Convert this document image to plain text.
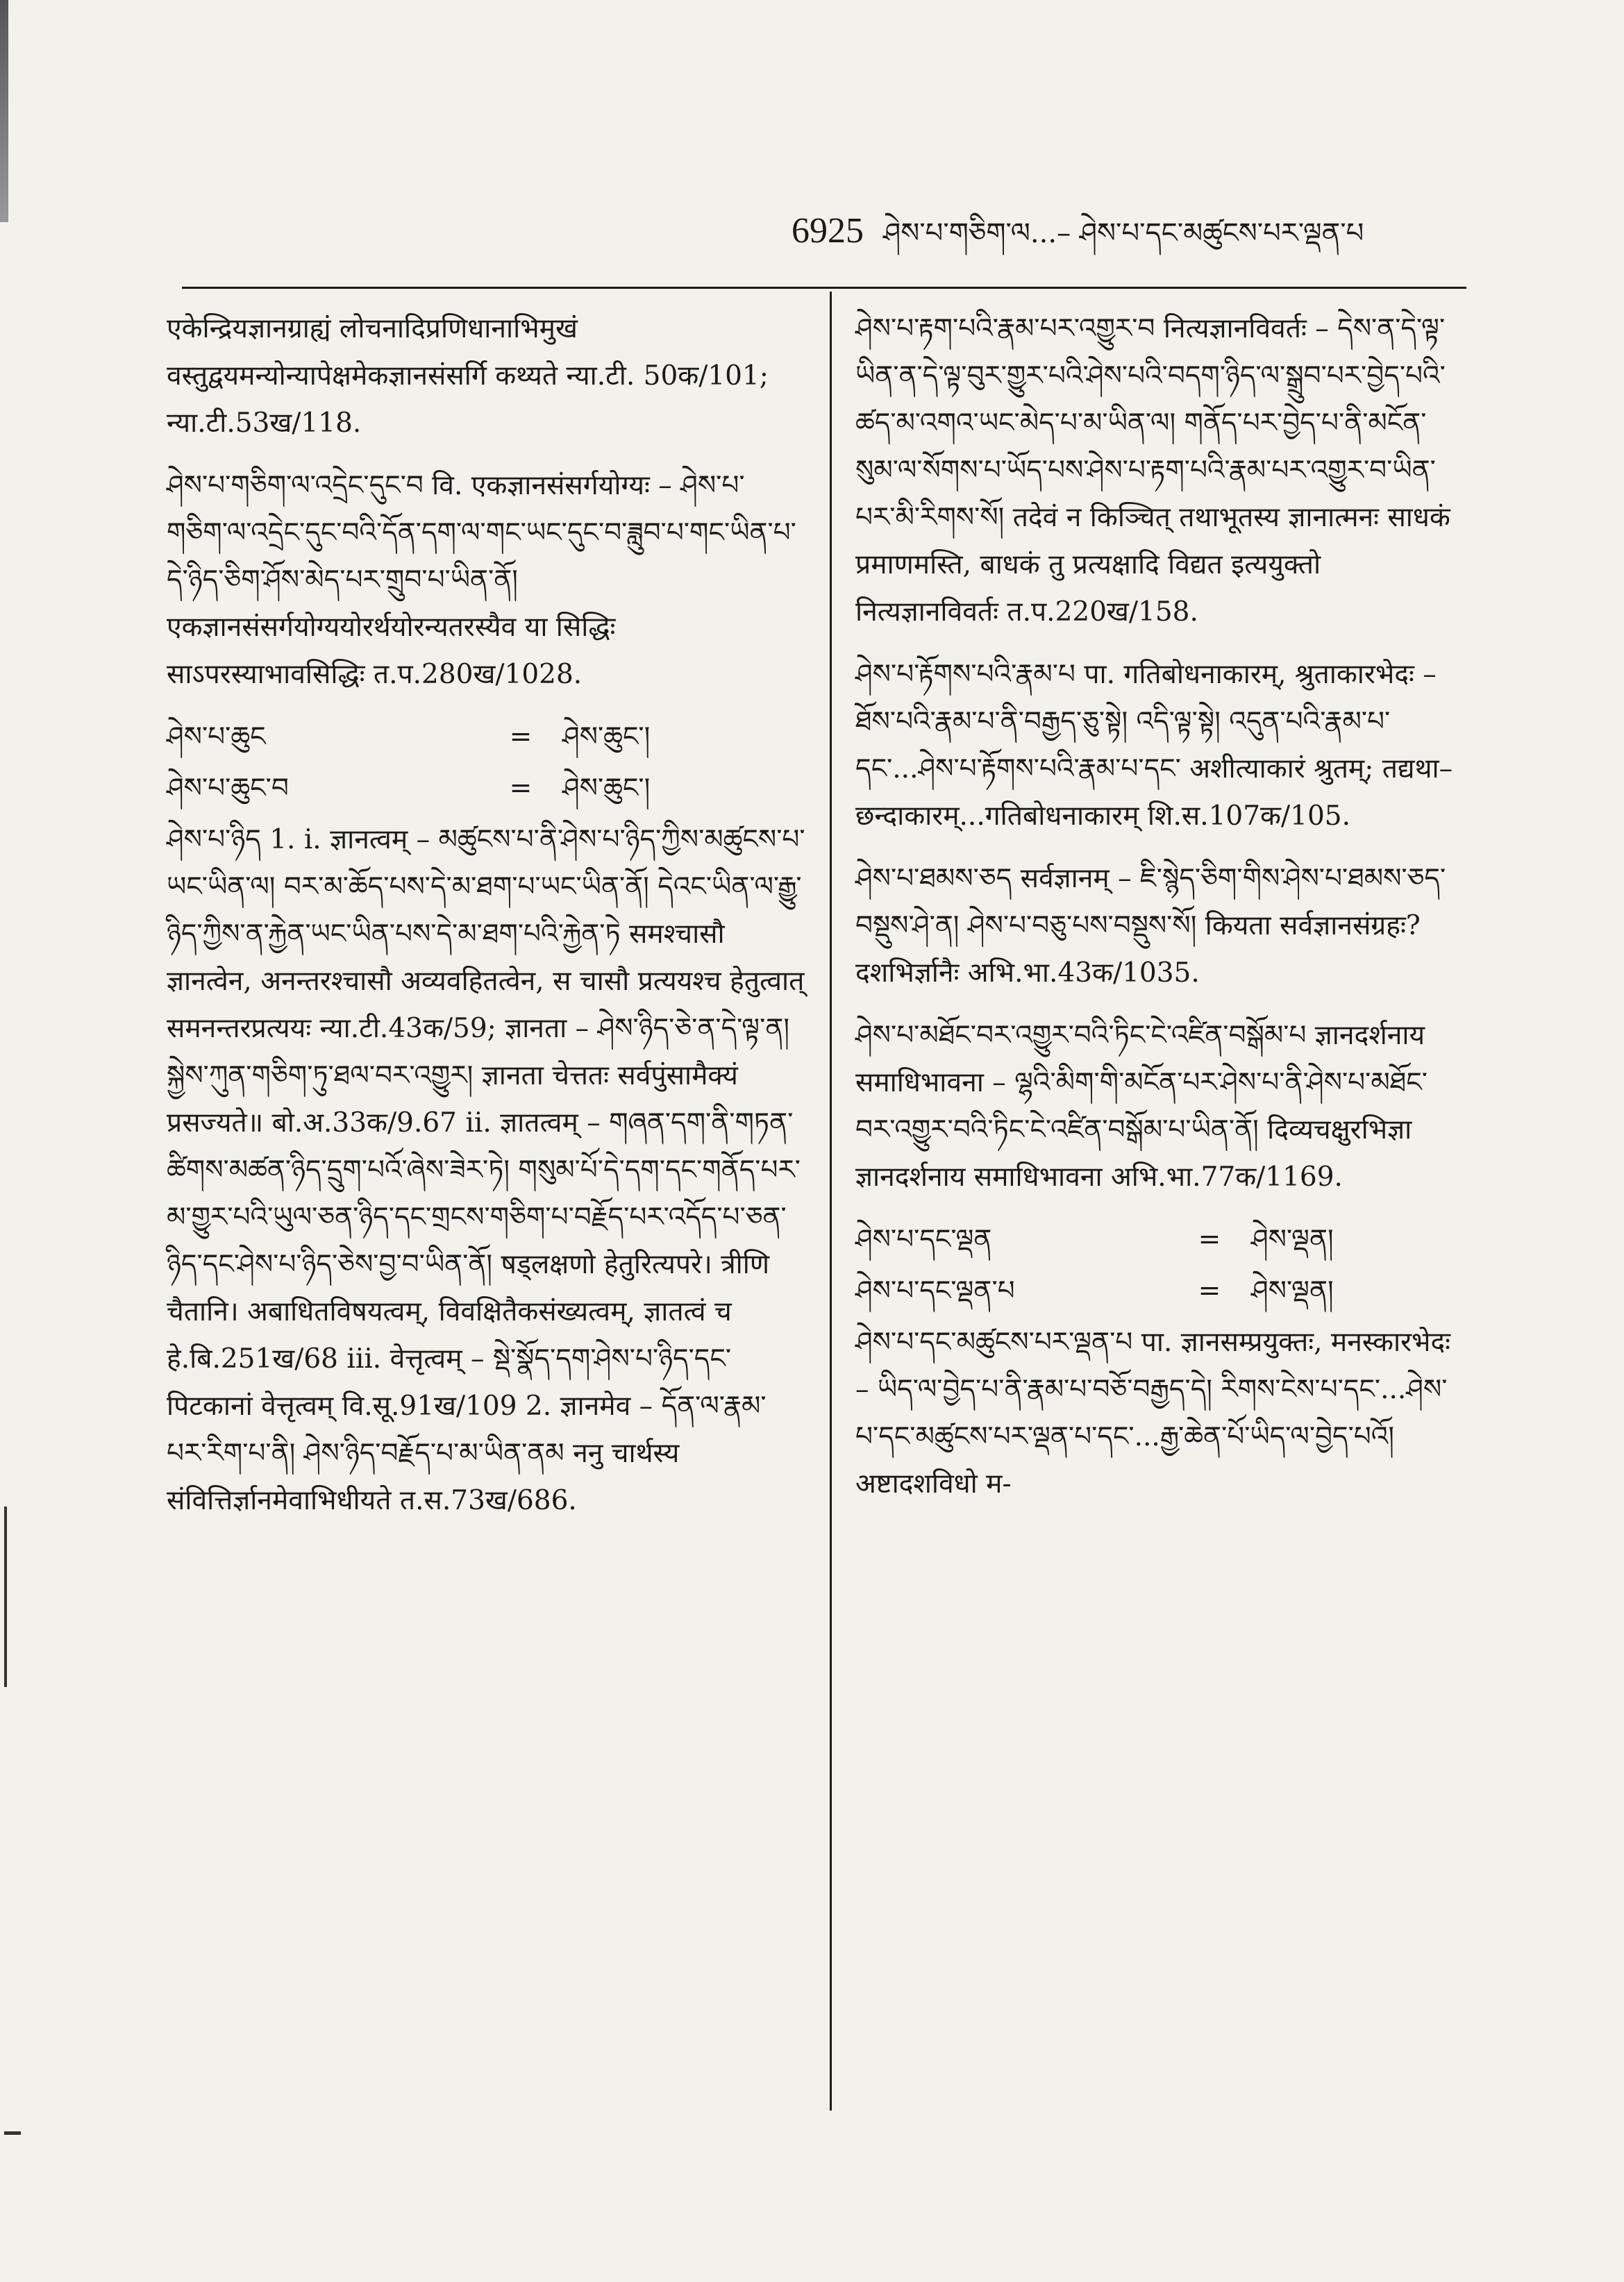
6925 ཤེས་པ་གཅིག་ལ...– ཤེས་པ་དང་མཚུངས་པར་ལྡན་པ

एकेन्द्रियज्ञानग्राह्यं लोचनादिप्रणिधानाभिमुखं वस्तुद्वयमन्योन्यापेक्षमेकज्ञानसंसर्गि कथ्यते न्या.टी. 50क/101; न्या.टी.53ख/118.

ཤེས་པ་གཅིག་ལ་འདྲེང་དུང་བ वि. एकज्ञानसंसर्गयोग्यः – ཤེས་པ་གཅིག་ལ་འདྲེང་དུང་བའི་དོན་དག་ལ་གང་ཡང་དུང་བ་ཟླུབ་པ་གང་ཡིན་པ་དེ་ཉིད་ཅིག་ཤོས་མེད་པར་གྲུབ་པ་ཡིན་ནོ། एकज्ञानसंसर्गयोग्ययोरर्थयोरन्यतरस्यैव या सिद्धिः साऽपरस्याभावसिद्धिः त.प.280ख/1028.
ཤེས་པ་ཆུང	=	ཤེས་ཆུང་།
ཤེས་པ་ཆུང་བ	=	ཤེས་ཆུང་།
ཤེས་པ་ཉིད 1. i. ज्ञानत्वम् – མཚུངས་པ་ནི་ཤེས་པ་ཉིད་ཀྱིས་མཚུངས་པ་ཡང་ཡིན་ལ། བར་མ་ཆོད་པས་དེ་མ་ཐག་པ་ཡང་ཡིན་ནོ། དེའང་ཡིན་ལ་རྒྱུ་ཉིད་ཀྱིས་ན་རྐྱེན་ཡང་ཡིན་པས་དེ་མ་ཐག་པའི་རྐྱེན་ཏེ समश्चासौ ज्ञानत्वेन, अनन्तरश्चासौ अव्यवहितत्वेन, स चासौ प्रत्ययश्च हेतुत्वात् समनन्तरप्रत्ययः न्या.टी.43क/59; ज्ञानता – ཤེས་ཉིད་ཅེ་ན་དེ་ལྟ་ན། སྐྱེས་ཀུན་གཅིག་ཏུ་ཐལ་བར་འགྱུར། ज्ञानता चेत्ततः सर्वपुंसामैक्यं प्रसज्यते॥ बो.अ.33क/9.67 ii. ज्ञातत्वम् – གཞན་དག་ནི་གཏན་ཚིགས་མཚན་ཉིད་དྲུག་པའོ་ཞེས་ཟེར་ཏེ། གསུམ་པོ་དེ་དག་དང་གནོད་པར་མ་གྱུར་པའི་ཡུལ་ཅན་ཉིད་དང་གྲངས་གཅིག་པ་བརྗོད་པར་འདོད་པ་ཅན་ཉིད་དང་ཤེས་པ་ཉིད་ཅེས་བྱ་བ་ཡིན་ནོ། षड्लक्षणो हेतुरित्यपरे। त्रीणि चैतानि। अबाधितविषयत्वम्, विवक्षितैकसंख्यत्वम्, ज्ञातत्वं च हे.बि.251ख/68 iii. वेत्तृत्वम् – སྡེ་སྣོད་དག་ཤེས་པ་ཉིད་དང་ पिटकानां वेत्तृत्वम् वि.सू.91ख/109 2. ज्ञानमेव – དོན་ལ་རྣམ་པར་རིག་པ་ནི། ཤེས་ཉིད་བརྗོད་པ་མ་ཡིན་ནམ ननु चार्थस्य संवित्तिर्ज्ञानमेवाभिधीयते त.स.73ख/686.
ཤེས་པ་རྟག་པའི་རྣམ་པར་འགྱུར་བ नित्यज्ञानविवर्तः – དེས་ན་དེ་ལྟ་ཡིན་ན་དེ་ལྟ་བུར་གྱུར་པའི་ཤེས་པའི་བདག་ཉིད་ལ་སྒྲུབ་པར་བྱེད་པའི་ཚད་མ་འགའ་ཡང་མེད་པ་མ་ཡིན་ལ། གནོད་པར་བྱེད་པ་ནི་མངོན་སུམ་ལ་སོགས་པ་ཡོད་པས་ཤེས་པ་རྟག་པའི་རྣམ་པར་འགྱུར་བ་ཡིན་པར་མི་རིགས་སོ། तदेवं न किञ्चित् तथाभूतस्य ज्ञानात्मनः साधकं प्रमाणमस्ति, बाधकं तु प्रत्यक्षादि विद्यत इत्ययुक्तो नित्यज्ञानविवर्तः त.प.220ख/158.
ཤེས་པ་རྟོགས་པའི་རྣམ་པ पा. गतिबोधनाकारम्, श्रुताकारभेदः – ཐོས་པའི་རྣམ་པ་ནི་བརྒྱད་ཅུ་སྟེ། འདི་ལྟ་སྟེ། འདུན་པའི་རྣམ་པ་དང་...ཤེས་པ་རྟོགས་པའི་རྣམ་པ་དང་ अशीत्याकारं श्रुतम्; तद्यथा–छन्दाकारम्...गतिबोधनाकारम् शि.स.107क/105.
ཤེས་པ་ཐམས་ཅད सर्वज्ञानम् – ཇི་སྙེད་ཅིག་གིས་ཤེས་པ་ཐམས་ཅད་བསྡུས་ཤེ་ན། ཤེས་པ་བཅུ་པས་བསྡུས་སོ། कियता सर्वज्ञानसंग्रहः? दशभिर्ज्ञानैः अभि.भा.43क/1035.
ཤེས་པ་མཐོང་བར་འགྱུར་བའི་ཏིང་ངེ་འཛིན་བསྒོམ་པ ज्ञानदर्शनाय समाधिभावना – ལྷའི་མིག་གི་མངོན་པར་ཤེས་པ་ནི་ཤེས་པ་མཐོང་བར་འགྱུར་བའི་ཏིང་ངེ་འཛིན་བསྒོམ་པ་ཡིན་ནོ། दिव्यचक्षुरभिज्ञा ज्ञानदर्शनाय समाधिभावना अभि.भा.77क/1169.
ཤེས་པ་དང་ལྡན	=	ཤེས་ལྡན།
ཤེས་པ་དང་ལྡན་པ	=	ཤེས་ལྡན།
ཤེས་པ་དང་མཚུངས་པར་ལྡན་པ पा. ज्ञानसम्प्रयुक्तः, मनस्कारभेदः – ཡིད་ལ་བྱེད་པ་ནི་རྣམ་པ་བཅོ་བརྒྱད་དེ། རིགས་ངེས་པ་དང་...ཤེས་པ་དང་མཚུངས་པར་ལྡན་པ་དང་...རྒྱ་ཆེན་པོ་ཡིད་ལ་བྱེད་པའོ། अष्टादशविधो म-
